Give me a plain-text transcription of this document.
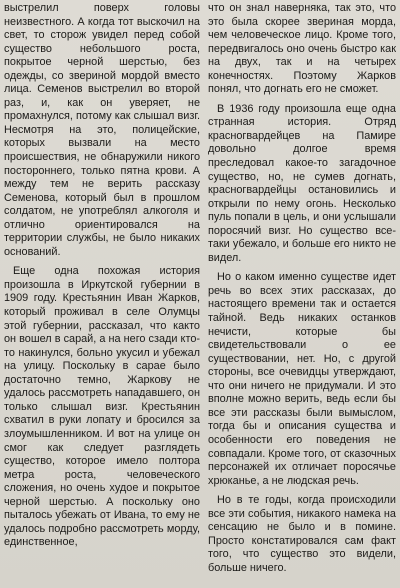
выстрелил поверх головы неизвестного. А когда тот выскочил на свет, то сторож увидел перед собой существо небольшого роста, покрытое черной шерстью, без одежды, со звериной мордой вместо лица. Семенов выстрелил во второй раз, и, как он уверяет, не промахнулся, потому как слышал визг. Несмотря на это, полицейские, которых вызвали на место происшествия, не обнаружили никого постороннего, только пятна крови. А между тем не верить рассказу Семенова, который был в прошлом солдатом, не употреблял алкоголя и отлично ориентировался на территории службы, не было никаких оснований.

Еще одна похожая история произошла в Иркутской губернии в 1909 году. Крестьянин Иван Жарков, который проживал в селе Олумцы этой губернии, рассказал, что както он вошел в сарай, а на него сзади кто-то накинулся, больно укусил и убежал на улицу. Поскольку в сарае было достаточно темно, Жаркову не удалось рассмотреть нападавшего, он только слышал визг. Крестьянин схватил в руки лопату и бросился за злоумышленником. И вот на улице он смог как следует разглядеть существо, которое имело полтора метра роста, человеческого сложения, но очень худое и покрытое черной шерстью. А поскольку оно пыталось убежать от Ивана, то ему не удалось подробно рассмотреть морду, единственное,

что он знал наверняка, так это, что это была скорее звериная морда, чем человеческое лицо. Кроме того, передвигалось оно очень быстро как на двух, так и на четырех конечностях. Поэтому Жарков понял, что догнать его не сможет.

В 1936 году произошла еще одна странная история. Отряд красногвардейцев на Памире довольно долгое время преследовал какое-то загадочное существо, но, не сумев догнать, красногвардейцы остановились и открыли по нему огонь. Несколько пуль попали в цель, и они услышали поросячий визг. Но существо все-таки убежало, и больше его никто не видел.

Но о каком именно существе идет речь во всех этих рассказах, до настоящего времени так и остается тайной. Ведь никаких останков нечисти, которые бы свидетельствовали о ее существовании, нет. Но, с другой стороны, все очевидцы утверждают, что они ничего не придумали. И это вполне можно верить, ведь если бы все эти рассказы были вымыслом, тогда бы и описания существа и особенности его поведения не совпадали. Кроме того, от сказочных персонажей их отличает поросячье хрюканье, а не людская речь.

Но в те годы, когда происходили все эти события, никакого намека на сенсацию не было и в помине. Просто констатировался сам факт того, что существо это видели, больше ничего.
